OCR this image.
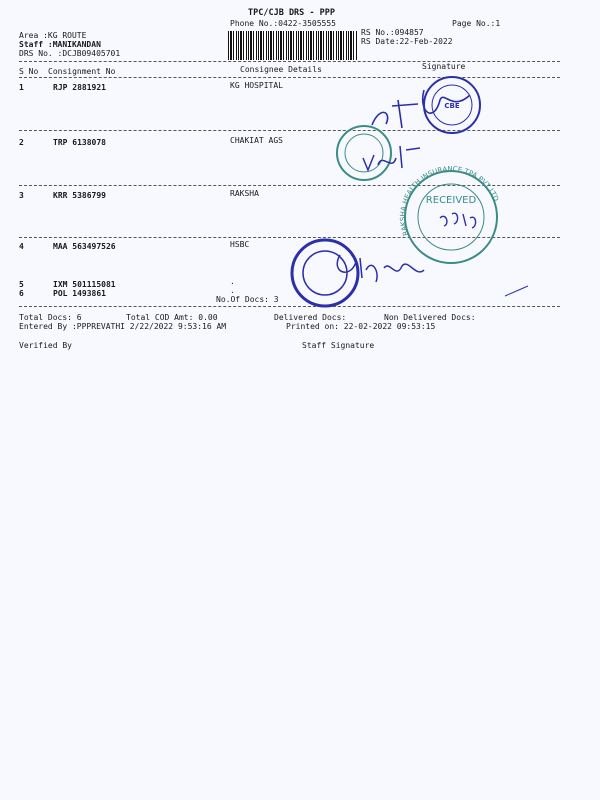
TPC/CJB DRS - PPP
Phone No.:0422-3505555	Page No.:1
Area :KG ROUTE
Staff :MANIKANDAN
DRS No. :DCJB09405701
RS No.:094857
RS Date:22-Feb-2022
S No Consignment No	Consignee Details	Signature
1	RJP 2881921	KG HOSPITAL
2	TRP 6138078	CHAKIAT AGS
3	KRR 5386799	RAKSHA
4	MAA 563497526	HSBC
5	IXM 501115081	.
6	POL 1493861	.
No.Of Docs: 3
Total Docs: 6	Total COD Amt: 0.00	Delivered Docs:	Non Delivered Docs:
Entered By :PPPREVATHI 2/22/2022 9:53:16 AM	Printed on: 22-02-2022 09:53:15
Verified By	Staff Signature
CBE
RECEIVED
RAKSHA HEALTH INSURANCE TPA PVT LTD
